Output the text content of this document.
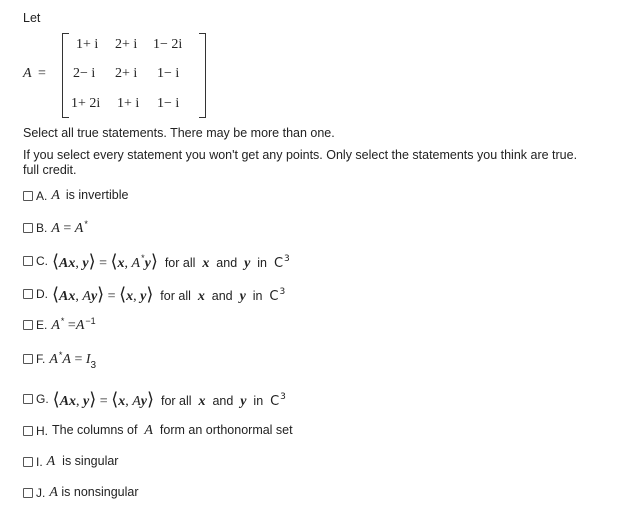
Let
A =
1+ i 2+ i 1− 2i
2− i 2+ i 1− i
1+ 2i 1+ i 1− i
Select all true statements. There may be more than one.
If you select every statement you won't get any points. Only select the statements you think are true.
full credit.
A. A is invertible
B. A = A*
C. ⟨Ax, y⟩ = ⟨x, A*y⟩  for all  x  and  y  in  $C^3$
D. ⟨Ax, Ay⟩ = ⟨x, y⟩  for all  x  and  y  in  $C^3$
E. $A^* =A^{-1}$
F. $A^*A = I_3$
G. ⟨Ax, y⟩ = ⟨x, Ay⟩  for all  x  and  y  in  $C^3$
H. The columns of  A  form an orthonormal set
I. A  is singular
J. A is nonsingular
